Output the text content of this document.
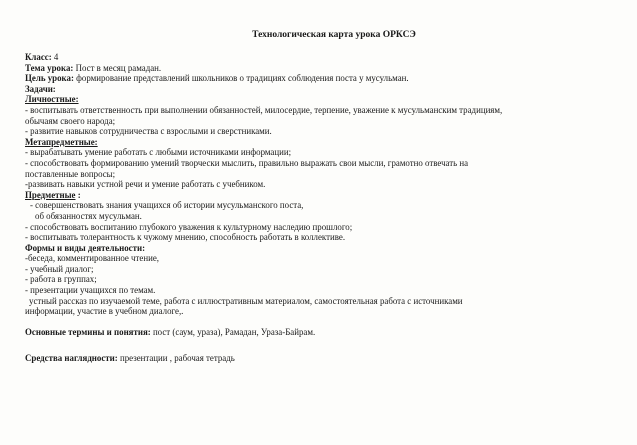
Технологическая карта урока ОРКСЭ
Класс: 4
Тема урока: Пост в месяц рамадан.
Цель урока: формирование представлений школьников о традициях соблюдения поста у мусульман.
Задачи:
Личностные:
- воспитывать ответственность при выполнении обязанностей, милосердие, терпение, уважение к мусульманским традициям,
обычаям своего народа;
- развитие навыков сотрудничества с взрослыми и сверстниками.
Метапредметные:
- вырабатывать умение работать с любыми источниками информации;
- способствовать формированию умений творчески мыслить, правильно выражать свои мысли, грамотно отвечать на
поставленные вопросы;
-развивать навыки устной речи и умение работать с учебником.
Предметные :
- совершенствовать знания учащихся об истории мусульманского поста,
об обязанностях мусульман.
- способствовать воспитанию глубокого уважения к культурному наследию прошлого;
- воспитывать толерантность к чужому мнению, способность работать в коллективе.
Формы и виды деятельности:
-беседа, комментированное чтение,
- учебный диалог;
- работа в группах;
- презентации учащихся по темам.
устный рассказ по изучаемой теме, работа с иллюстративным материалом, самостоятельная работа с источниками
информации, участие в учебном диалоге,.
Основные термины и понятия: пост (саум, ураза), Рамадан, Ураза-Байрам.
Средства наглядности: презентации , рабочая тетрадь
